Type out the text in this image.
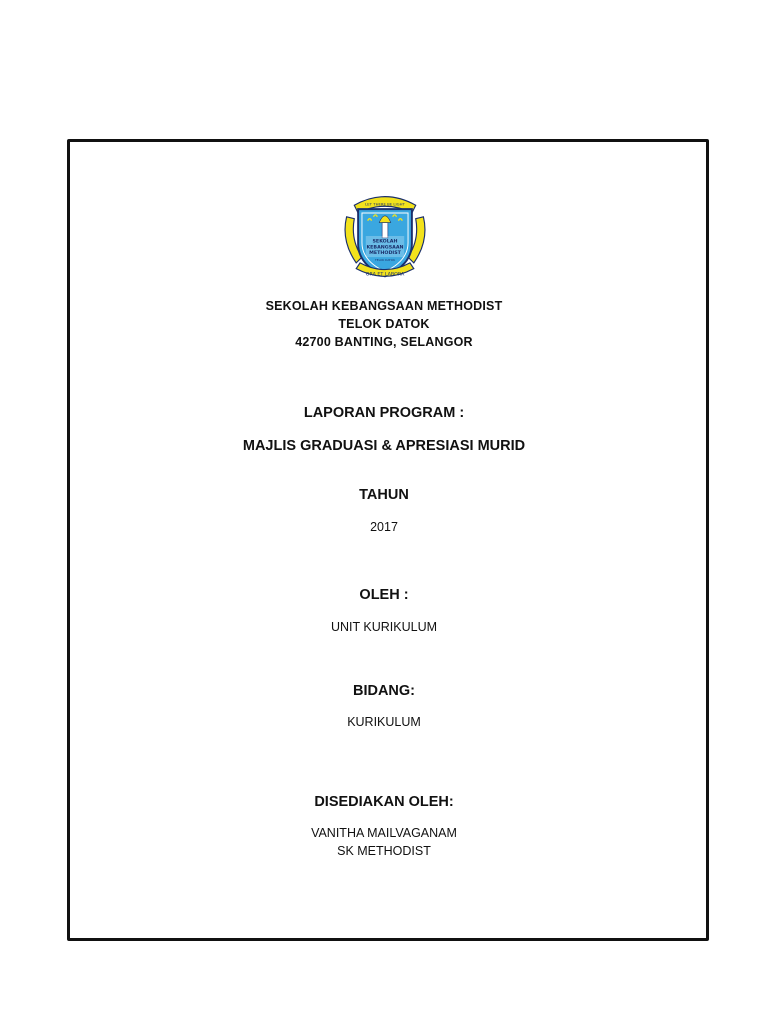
LET THERE BE LIGHT
SEKOLAH
KEBANGSAAN
METHODIST
TELOK DATOK
ORA ET LABORA
SEKOLAH KEBANGSAAN METHODIST
TELOK DATOK
42700 BANTING, SELANGOR
LAPORAN PROGRAM :
MAJLIS GRADUASI & APRESIASI MURID
TAHUN
2017
OLEH :
UNIT KURIKULUM
BIDANG:
KURIKULUM
DISEDIAKAN OLEH:
VANITHA MAILVAGANAM
SK METHODIST
